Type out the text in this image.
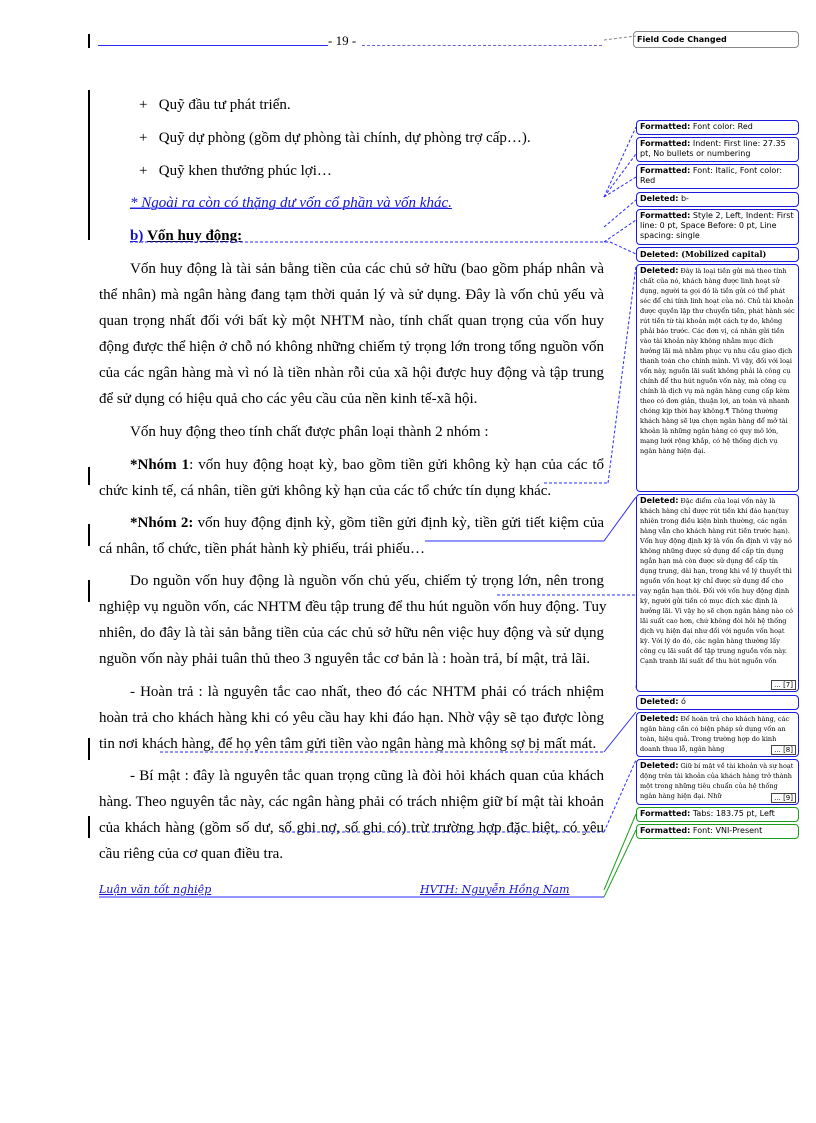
- 19 -	Field Code Changed
+ Quỹ đầu tư phát triển.
+ Quỹ dự phòng (gồm dự phòng tài chính, dự phòng trợ cấp…).
+ Quỹ khen thưởng phúc lợi…
* Ngoài ra còn có thặng dư vốn cổ phần và vốn khác.
b) Vốn huy động:
Vốn huy động là tài sản bằng tiền của các chủ sở hữu (bao gồm pháp nhân và
thể nhân) mà ngân hàng đang tạm thời quản lý và sử dụng. Đây là vốn chủ yếu và
quan trọng nhất đối với bất kỳ một NHTM nào, tính chất quan trọng của vốn huy
động được thể hiện ở chỗ nó không những chiếm tỷ trọng lớn trong tổng nguồn vốn
của các ngân hàng mà vì nó là tiền nhàn rỗi của xã hội được huy động và tập trung
để sử dụng có hiệu quả cho các yêu cầu của nền kinh tế-xã hội.
Vốn huy động theo tính chất được phân loại thành 2 nhóm :
*Nhóm 1: vốn huy động hoạt kỳ, bao gồm tiền gửi không kỳ hạn của các tổ
chức kinh tế, cá nhân, tiền gửi không kỳ hạn của các tổ chức tín dụng khác.
*Nhóm 2: vốn huy động định kỳ, gồm tiền gửi định kỳ, tiền gửi tiết kiệm của
cá nhân, tổ chức, tiền phát hành kỳ phiếu, trái phiếu…
Do nguồn vốn huy động là nguồn vốn chủ yếu, chiếm tỷ trọng lớn, nên trong
nghiệp vụ nguồn vốn, các NHTM đều tập trung để thu hút nguồn vốn huy động. Tuy
nhiên, do đây là tài sản bằng tiền của các chủ sở hữu nên việc huy động và sử dụng
nguồn vốn này phải tuân thủ theo 3 nguyên tắc cơ bản là : hoàn trả, bí mật, trả lãi.
- Hoàn trả : là nguyên tắc cao nhất, theo đó các NHTM phải có trách nhiệm
hoàn trả cho khách hàng khi có yêu cầu hay khi đáo hạn. Nhờ vậy sẽ tạo được lòng
tin nơi khách hàng, để họ yên tâm gửi tiền vào ngân hàng mà không sợ bị mất mát.
- Bí mật : đây là nguyên tắc quan trọng cũng là đòi hỏi khách quan của khách
hàng. Theo nguyên tắc này, các ngân hàng phải có trách nhiệm giữ bí mật tài khoản
của khách hàng (gồm số dư, số ghi nợ, số ghi có) trừ trường hợp đặc biệt, có yêu
cầu riêng của cơ quan điều tra.
Luận văn tốt nghiệp	HVTH: Nguyễn Hồng Nam
Formatted: Font color: Red
Formatted: Indent: First line: 27.35 pt, No bullets or numbering
Formatted: Font: Italic, Font color: Red
Deleted: b-
Formatted: Style 2, Left, Indent: First line: 0 pt, Space Before: 0 pt, Line spacing: single
Deleted: (Mobilized capital)
Deleted: Đây là loại tiền gửi mà theo tính chất của nó, khách hàng được linh hoạt sử dụng, người ta gọi đó là tiền gửi có thể phát séc để chi tính linh hoạt của nó. Chủ tài khoản được quyền lập thư chuyển tiền, phát hành séc rút tiền từ tài khoản một cách tự do, không phải báo trước. Các đơn vị, cá nhân gửi tiền vào tài khoản này không nhằm mục đích hưởng lãi mà nhằm phục vụ nhu cầu giao dịch thanh toán cho chính mình. Vì vậy, đối với loại vốn này, nguồn lãi suất không phải là công cụ chính để thu hút nguồn vốn này, mà công cụ chính là dịch vụ mà ngân hàng cung cấp kèm theo có đơn giản, thuận lợi, an toàn và nhanh chóng kịp thời hay không.¶ Thông thường khách hàng sẽ lựa chọn ngân hàng để mở tài khoản là những ngân hàng có quy mô lớn, mạng lưới rộng khắp, có hệ thống dịch vụ ngân hàng hiện đại.
Deleted: Đặc điểm của loại vốn này là khách hàng chỉ được rút tiền khi đáo hạn(tuy nhiên trong điều kiện bình thường, các ngân hàng vẫn cho khách hàng rút tiền trước hạn). Vốn huy động định kỳ là vốn ổn định vì vậy nó không những được sử dụng để cấp tín dụng ngắn hạn mà còn được sử dụng để cấp tín dụng trung, dài hạn, trong khi về lý thuyết thì nguồn vốn hoạt kỳ chỉ được sử dụng để cho vay ngắn hạn thôi. Đối với vốn huy động định kỳ, người gửi tiền có mục đích xác định là hưởng lãi. Vì vậy họ sẽ chọn ngân hàng nào có lãi suất cao hơn, chứ không đòi hỏi hệ thống dịch vụ hiện đại như đối với nguồn vốn hoạt kỳ. Với lý do đó, các ngân hàng thường lấy công cụ lãi suất để tập trung nguồn vốn này. Cạnh tranh lãi suất để thu hút nguồn vốn
... [7]
Deleted: ó
Deleted: Để hoàn trả cho khách hàng, các ngân hàng cần có biện pháp sử dụng vốn an toàn, hiệu quả. Trong trường hợp do kinh doanh thua lỗ, ngân hàng	... [8]
Deleted: Giữ bí mật về tài khoản và sự hoạt động trên tài khoản của khách hàng trở thành một trong những tiêu chuẩn của hệ thống ngân hàng hiện đại. Nhữ	... [9]
Formatted: Tabs: 183.75 pt, Left
Formatted: Font: VNI-Present
